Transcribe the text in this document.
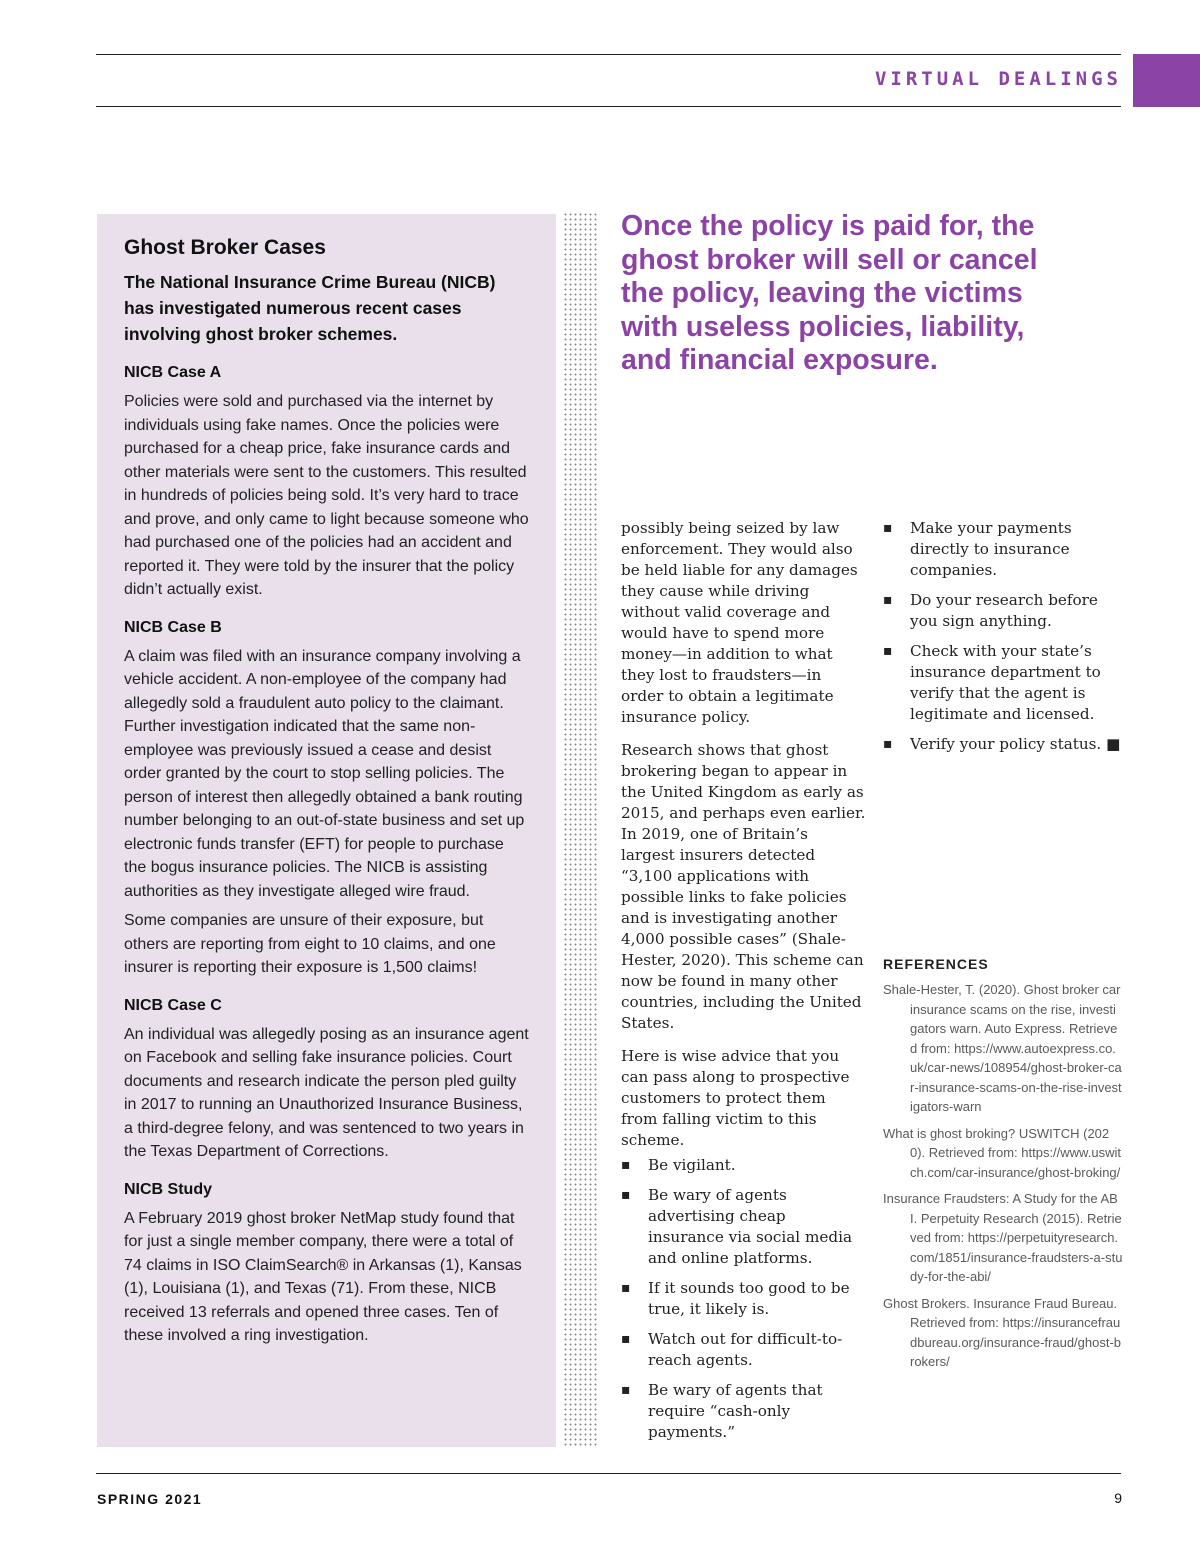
VIRTUAL DEALINGS
Ghost Broker Cases

The National Insurance Crime Bureau (NICB) has investigated numerous recent cases involving ghost broker schemes.

NICB Case A

Policies were sold and purchased via the internet by individuals using fake names. Once the policies were purchased for a cheap price, fake insurance cards and other materials were sent to the customers. This resulted in hundreds of policies being sold. It’s very hard to trace and prove, and only came to light because someone who had purchased one of the policies had an accident and reported it. They were told by the insurer that the policy didn’t actually exist.

NICB Case B

A claim was filed with an insurance company involving a vehicle accident. A non-employee of the company had allegedly sold a fraudulent auto policy to the claimant. Further investigation indicated that the same non-employee was previously issued a cease and desist order granted by the court to stop selling policies. The person of interest then allegedly obtained a bank routing number belonging to an out-of-state business and set up electronic funds transfer (EFT) for people to purchase the bogus insurance policies. The NICB is assisting authorities as they investigate alleged wire fraud.

Some companies are unsure of their exposure, but others are reporting from eight to 10 claims, and one insurer is reporting their exposure is 1,500 claims!

NICB Case C

An individual was allegedly posing as an insurance agent on Facebook and selling fake insurance policies. Court documents and research indicate the person pled guilty in 2017 to running an Unauthorized Insurance Business, a third-degree felony, and was sentenced to two years in the Texas Department of Corrections.

NICB Study

A February 2019 ghost broker NetMap study found that for just a single member company, there were a total of 74 claims in ISO ClaimSearch® in Arkansas (1), Kansas (1), Louisiana (1), and Texas (71). From these, NICB received 13 referrals and opened three cases. Ten of these involved a ring investigation.

Once the policy is paid for, the ghost broker will sell or cancel the policy, leaving the victims with useless policies, liability, and financial exposure.

possibly being seized by law enforcement. They would also be held liable for any damages they cause while driving without valid coverage and would have to spend more money—in addition to what they lost to fraudsters—in order to obtain a legitimate insurance policy.

Research shows that ghost brokering began to appear in the United Kingdom as early as 2015, and perhaps even earlier. In 2019, one of Britain’s largest insurers detected “3,100 applications with possible links to fake policies and is investigating another 4,000 possible cases” (Shale-Hester, 2020). This scheme can now be found in many other countries, including the United States.

Here is wise advice that you can pass along to prospective customers to protect them from falling victim to this scheme.

▪ Be vigilant.
▪ Be wary of agents advertising cheap insurance via social media and online platforms.
▪ If it sounds too good to be true, it likely is.
▪ Watch out for difficult-to-reach agents.
▪ Be wary of agents that require “cash-only payments.”
▪ Make your payments directly to insurance companies.
▪ Do your research before you sign anything.
▪ Check with your state’s insurance department to verify that the agent is legitimate and licensed.
▪ Verify your policy status. ■
REFERENCES

Shale-Hester, T. (2020). Ghost broker car insurance scams on the rise, investigators warn. Auto Express. Retrieved from: https://www.autoexpress.co.uk/car-news/108954/ghost-broker-car-insurance-scams-on-the-rise-investigators-warn

What is ghost broking? USWITCH (2020). Retrieved from: https://www.uswitch.com/car-insurance/ghost-broking/

Insurance Fraudsters: A Study for the ABI. Perpetuity Research (2015). Retrieved from: https://perpetuityresearch.com/1851/insurance-fraudsters-a-study-for-the-abi/

Ghost Brokers. Insurance Fraud Bureau. Retrieved from: https://insurancefraudbureau.org/insurance-fraud/ghost-brokers/

SPRING 2021	9
